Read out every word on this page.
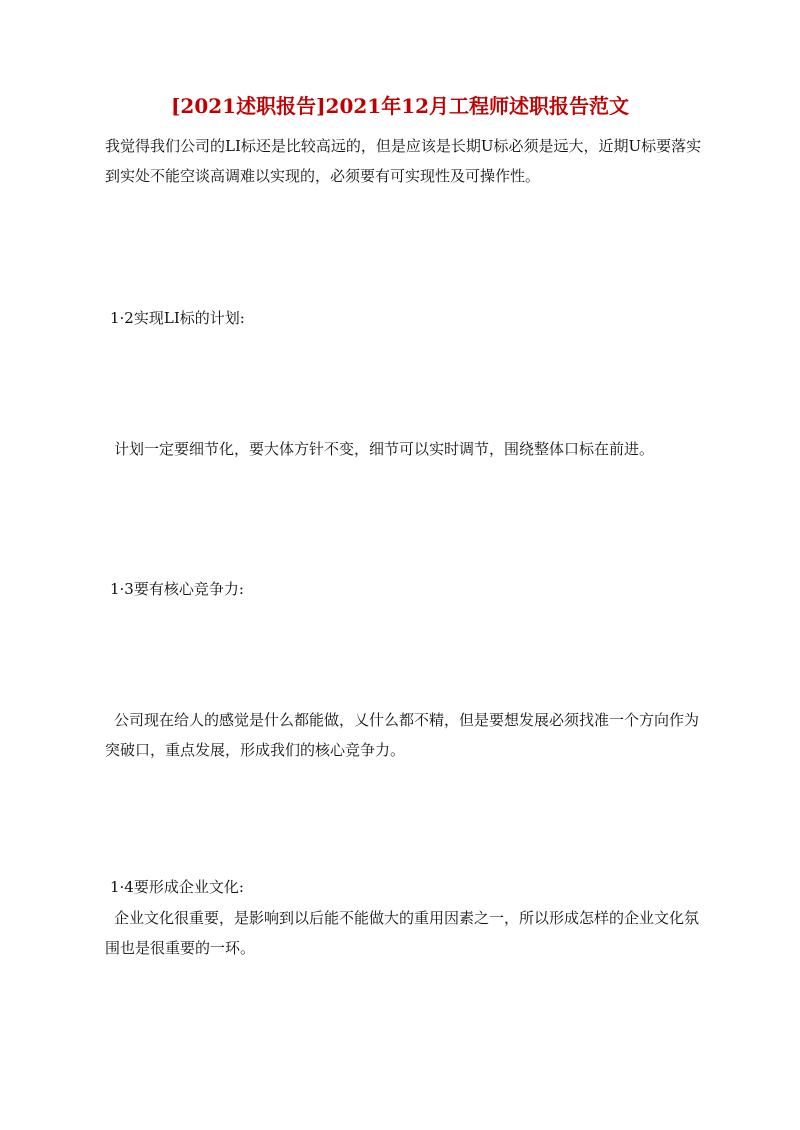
[2021述职报告]2021年12月工程师述职报告范文

我觉得我们公司的LI标还是比较高远的，但是应该是长期U标必须是远大，近期U标要落实到实处不能空谈高调难以实现的，必须要有可实现性及可操作性。

1·2实现LI标的计划:

计划一定要细节化，要大体方针不变，细节可以实时调节，围绕整体口标在前进。

1·3要有核心竞争力:

公司现在给人的感觉是什么都能做，乂什么都不精，但是要想发展必须找准一个方向作为突破口，重点发展，形成我们的核心竞争力。

1·4要形成企业文化:

企业文化很重要，是影响到以后能不能做大的重用因素之一，所以形成怎样的企业文化氛围也是很重要的一环。
